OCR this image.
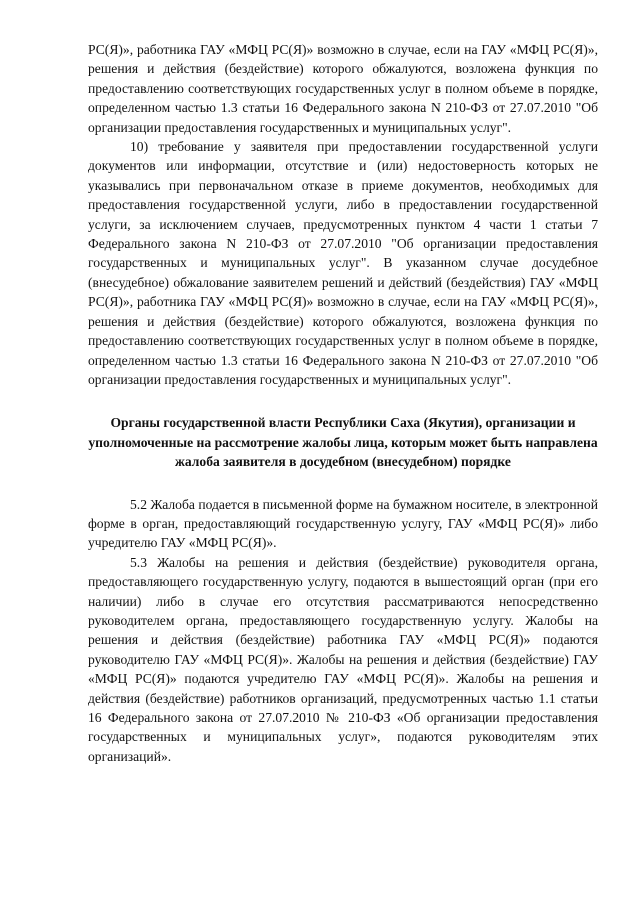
РС(Я)», работника ГАУ «МФЦ РС(Я)» возможно в случае, если на ГАУ «МФЦ РС(Я)», решения и действия (бездействие) которого обжалуются, возложена функция по предоставлению соответствующих государственных услуг в полном объеме в порядке, определенном частью 1.3 статьи 16 Федерального закона N 210-ФЗ от 27.07.2010 "Об организации предоставления государственных и муниципальных услуг".

10) требование у заявителя при предоставлении государственной услуги документов или информации, отсутствие и (или) недостоверность которых не указывались при первоначальном отказе в приеме документов, необходимых для предоставления государственной услуги, либо в предоставлении государственной услуги, за исключением случаев, предусмотренных пунктом 4 части 1 статьи 7 Федерального закона N 210-ФЗ от 27.07.2010 "Об организации предоставления государственных и муниципальных услуг". В указанном случае досудебное (внесудебное) обжалование заявителем решений и действий (бездействия) ГАУ «МФЦ РС(Я)», работника ГАУ «МФЦ РС(Я)» возможно в случае, если на ГАУ «МФЦ РС(Я)», решения и действия (бездействие) которого обжалуются, возложена функция по предоставлению соответствующих государственных услуг в полном объеме в порядке, определенном частью 1.3 статьи 16 Федерального закона N 210-ФЗ от 27.07.2010 "Об организации предоставления государственных и муниципальных услуг".

Органы государственной власти Республики Саха (Якутия), организации и уполномоченные на рассмотрение жалобы лица, которым может быть направлена жалоба заявителя в досудебном (внесудебном) порядке

5.2 Жалоба подается в письменной форме на бумажном носителе, в электронной форме в орган, предоставляющий государственную услугу, ГАУ «МФЦ РС(Я)» либо учредителю ГАУ «МФЦ РС(Я)».

5.3 Жалобы на решения и действия (бездействие) руководителя органа, предоставляющего государственную услугу, подаются в вышестоящий орган (при его наличии) либо в случае его отсутствия рассматриваются непосредственно руководителем органа, предоставляющего государственную услугу. Жалобы на решения и действия (бездействие) работника ГАУ «МФЦ РС(Я)» подаются руководителю ГАУ «МФЦ РС(Я)». Жалобы на решения и действия (бездействие) ГАУ «МФЦ РС(Я)» подаются учредителю ГАУ «МФЦ РС(Я)». Жалобы на решения и действия (бездействие) работников организаций, предусмотренных частью 1.1 статьи 16 Федерального закона от 27.07.2010 № 210-ФЗ «Об организации предоставления государственных и муниципальных услуг», подаются руководителям этих организаций».
